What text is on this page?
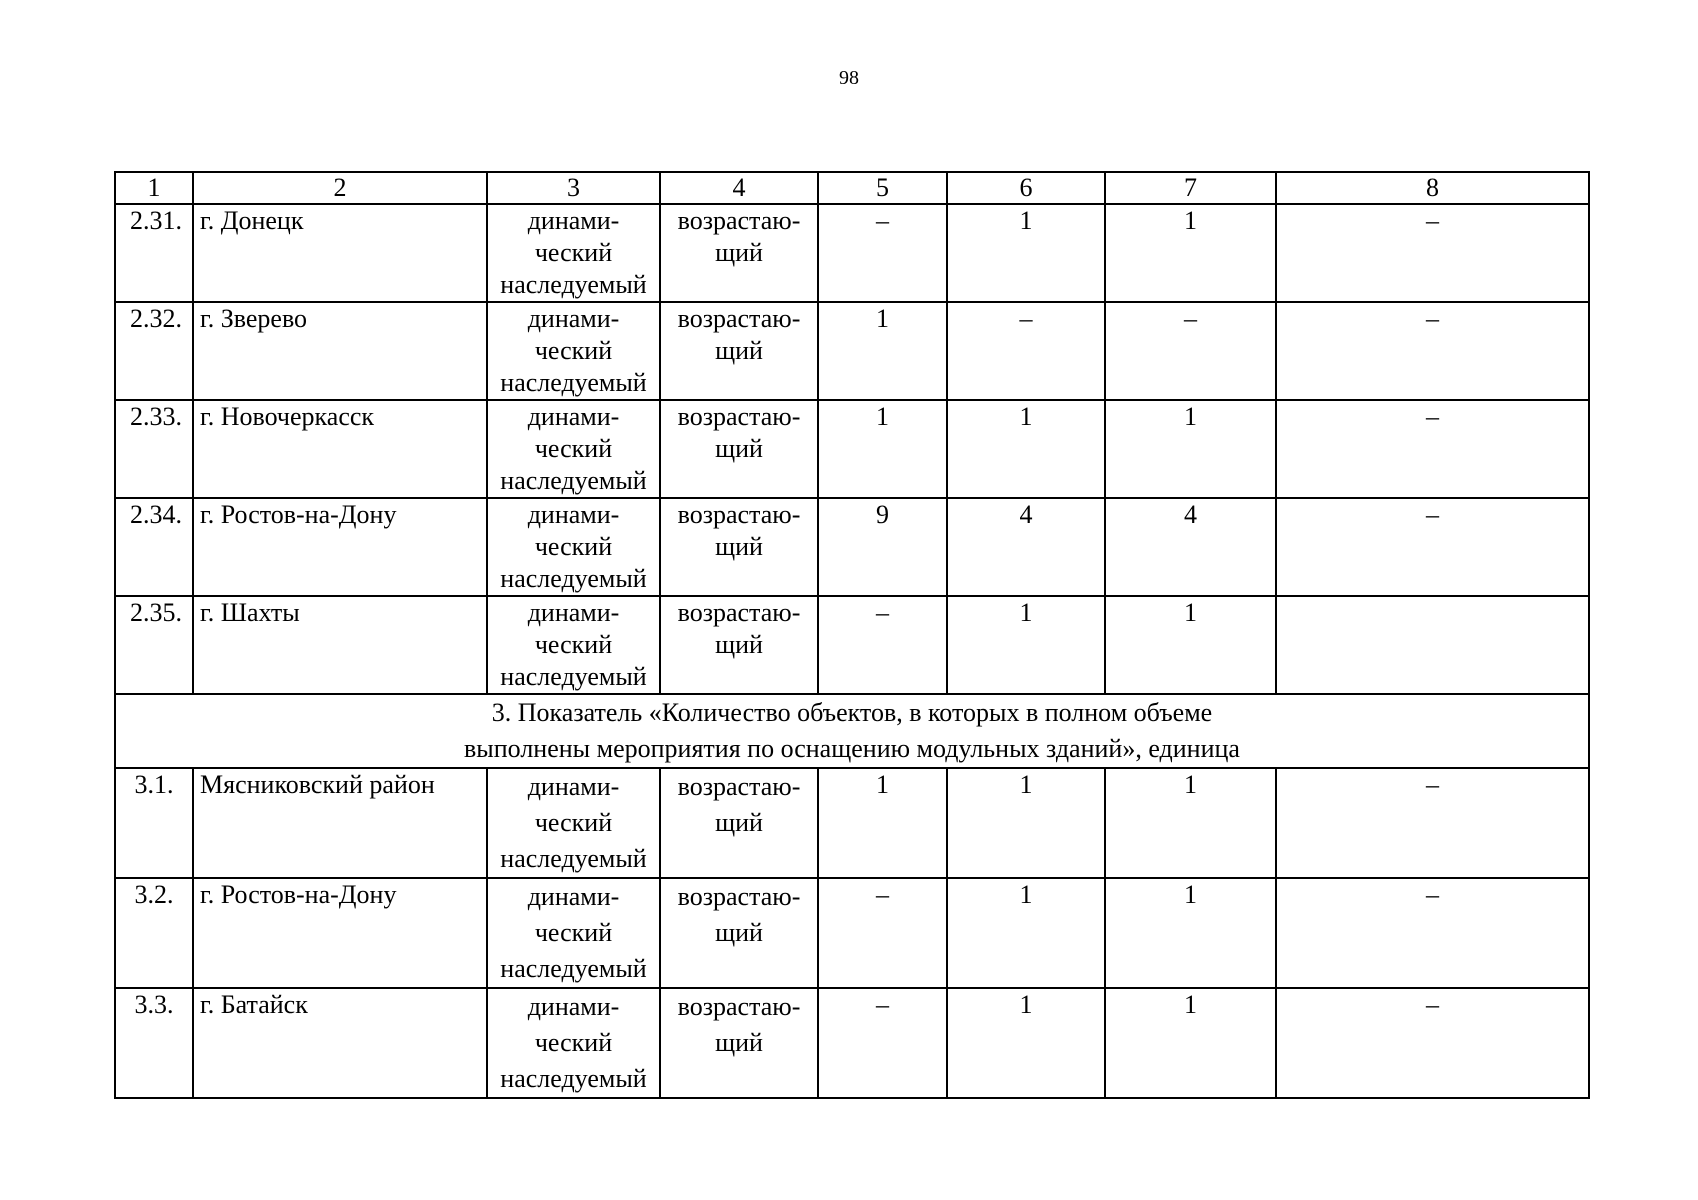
98
1	2	3	4	5	6	7	8
2.31.	г. Донецк	динами-
ческий
наследуемый	возрастаю-
щий	–	1	1	–
2.32.	г. Зверево	динами-
ческий
наследуемый	возрастаю-
щий	1	–	–	–
2.33.	г. Новочеркасск	динами-
ческий
наследуемый	возрастаю-
щий	1	1	1	–
2.34.	г. Ростов-на-Дону	динами-
ческий
наследуемый	возрастаю-
щий	9	4	4	–
2.35.	г. Шахты	динами-
ческий
наследуемый	возрастаю-
щий	–	1	1	

3. Показатель «Количество объектов, в которых в полном объеме
выполнены мероприятия по оснащению модульных зданий», единица							

3.1.	Мясниковский район	динами-
ческий
наследуемый	возрастаю-
щий	1	1	1	–
3.2.	г. Ростов-на-Дону	динами-
ческий
наследуемый	возрастаю-
щий	–	1	1	–
3.3.	г. Батайск	динами-
ческий
наследуемый	возрастаю-
щий	–	1	1	–
